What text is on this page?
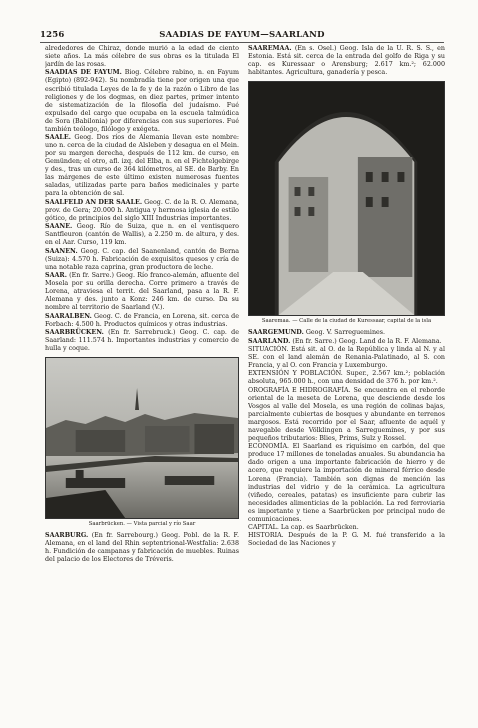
1256	SAADIAS DE FAYUM—SAARLAND

alrededores de Chiraz, donde murió a la edad de ciento siete años. La más célebre de sus obras es la titulada El jardín de las rosas.

SAADIAS DE FAYUM. Biog. Célebre rabino, n. en Fayum (Egipto) (892-942). Su nombradía tiene por origen una que escribió titulada Leyes de la fe y de la razón o Libro de las religiones y de los dogmas, en diez partes, primer intento de sistematización de la filosofía del judaísmo. Fué expulsado del cargo que ocupaba en la escuela talmúdica de Sora (Babilonia) por diferencias con sus superiores. Fué también teólogo, filólogo y exégeta.

SAALE. Geog. Dos ríos de Alemania llevan este nombre: uno n. cerca de la ciudad de Alsleben y desagua en el Mein. por su margen derecha, después de 112 km. de curso, en Gemünden; el otro, afl. izq. del Elba, n. en el Fichtelgebirge y des., tras un curso de 364 kilómetros, al SE. de Barby. En las márgenes de este último existen numerosas fuentes saladas, utilizadas parte para baños medicinales y parte para la obtención de sal.

SAALFELD AN DER SAALE. Geog. C. de la R. O. Alemana, prov. de Gera; 20.000 h. Antigua y hermosa iglesia de estilo gótico, de principios del siglo XIII Industrias importantes.

SAANE. Geog. Río de Suiza, que n. en el ventisquero Santfleuron (cantón de Wallis), a 2.250 m. de altura, y des. en el Aar. Curso, 119 km.

SAANEN. Geog. C. cap. del Saanenland, cantón de Berna (Suiza): 4.570 h. Fabricación de exquisitos quesos y cría de una notable raza caprina, gran productora de leche.

SAAR. (En fr. Sarre.) Geog. Río franco-alemán, afluente del Mosela por su orilla derecha. Corre primero a través de Lorena, atraviesa el territ. del Saarland, pasa a la R. F. Alemana y des. junto a Konz: 246 km. de curso. Da su nombre al territorio de Saarland (V.).

SAARALBEN. Geog. C. de Francia, en Lorena, sit. cerca de Forbach: 4.500 h. Productos químicos y otras industrias.

SAARBRÜCKEN. (En fr. Sarrebruck.) Geog. C. cap. de Saarland: 111.574 h. Importantes industrias y comercio de hulla y coque.

Saarbrücken. — Vista parcial y río Saar

SAARBURG. (En fr. Sarrebourg.) Geog. Pobl. de la R. F. Alemana, en el land del Rhin septentrional-Westfalia: 2.638 h. Fundición de campanas y fabricación de muebles. Ruinas del palacio de los Electores de Tréveris.

SAAREMAA. (En s. Osel.) Geog. Isla de la U. R. S. S., en Estonia. Está sit. cerca de la entrada del golfo de Riga y su cap. es Kuressaar o Arensburg; 2.617 km.²; 62.000 habitantes. Agricultura, ganadería y pesca.

Saaremaa. — Calle de la ciudad de Kuressaar, capital de la isla

SAARGEMUND. Geog. V. Sarreguemines.

SAARLAND. (En fr. Sarre.) Geog. Land de la R. F. Alemana.

SITUACIÓN. Está sit. al O. de la República y linda al N. y al SE. con el land alemán de Renania-Palatinado, al S. con Francia, y al O. con Francia y Luxemburgo.

EXTENSIÓN Y POBLACIÓN. Super., 2.567 km.²; población absoluta, 965.000 h., con una densidad de 376 h. por km.².

OROGRAFÍA E HIDROGRAFÍA. Se encuentra en el reborde oriental de la meseta de Lorena, que desciende desde los Vosgos al valle del Mosela, es una región de colinas bajas, parcialmente cubiertas de bosques y abundante en terrenos margosos. Está recorrido por el Saar, afluente de aquél y navegable desde Völklingen a Sarreguemines, y por sus pequeños tributarios: Blies, Prims, Sulz y Rossel.

ECONOMÍA. El Saarland es riquísimo en carbón, del que produce 17 millones de toneladas anuales. Su abundancia ha dado origen a una importante fabricación de hierro y de acero, que requiere la importación de mineral férrico desde Lorena (Francia). También son dignas de mención las industrias del vidrio y de la cerámica. La agricultura (viñedo, cereales, patatas) es insuficiente para cubrir las necesidades alimenticias de la población. La red ferroviaria es importante y tiene a Saarbrücken por principal nudo de comunicaciones.

CAPITAL. La cap. es Saarbrücken.

HISTORIA. Después de la P. G. M. fué transferido a la Sociedad de las Naciones y
